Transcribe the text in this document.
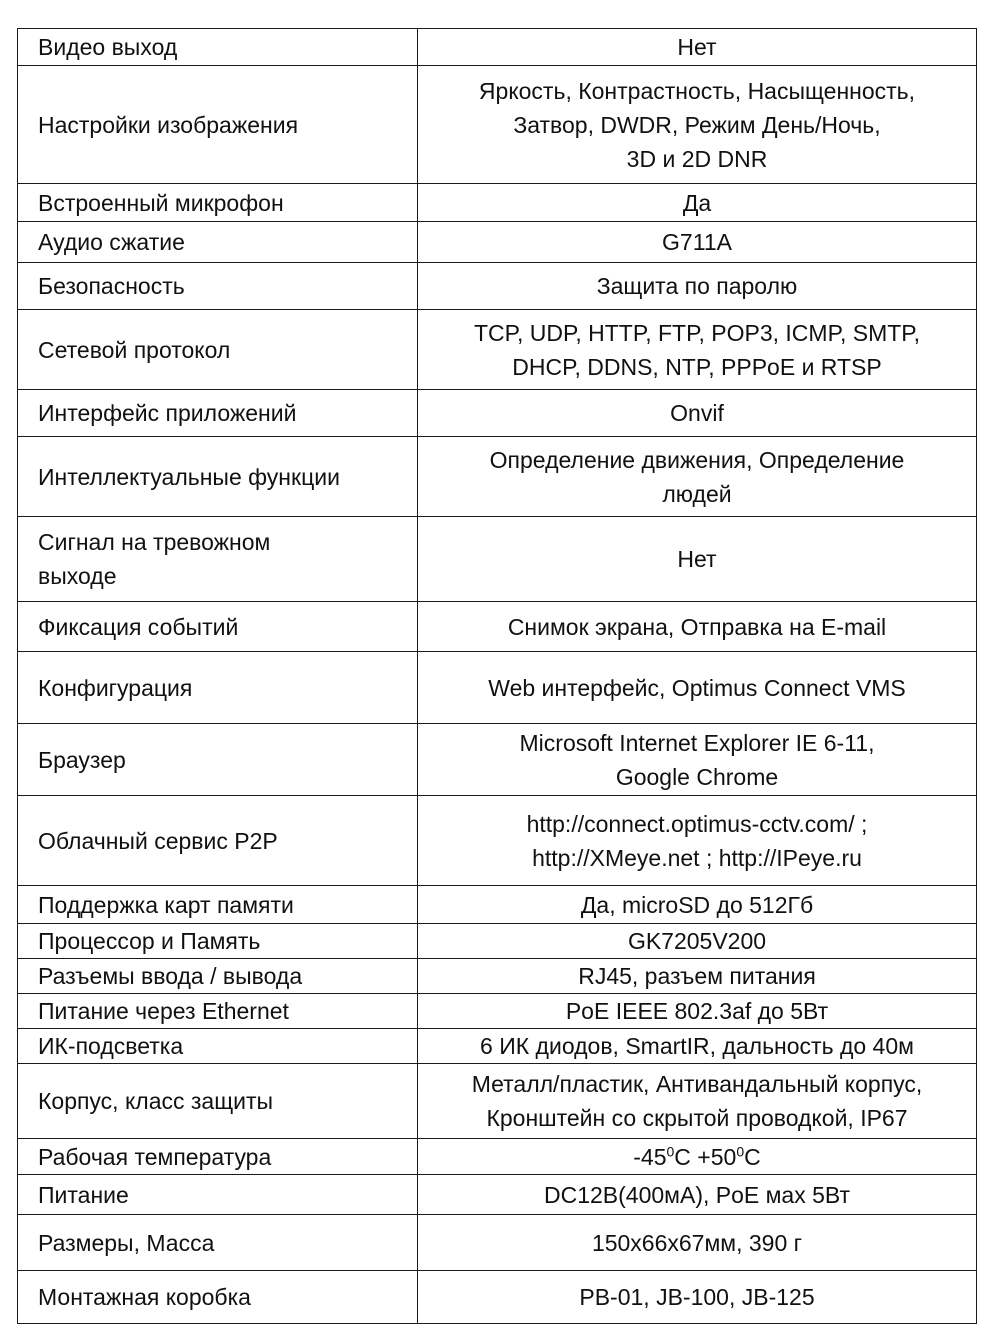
Видео выход	Нет
Настройки изображения	Яркость, Контрастность, Насыщенность,
Затвор, DWDR, Режим День/Ночь,
3D и 2D DNR

Встроенный микрофон	Да
Аудио сжатие	G711A
Безопасность	Защита по паролю
Сетевой протокол	TCP, UDP, HTTP, FTP, POP3, ICMP, SMTP,
DHCP, DDNS, NTP, PPPoE и RTSP

Интерфейс приложений	Onvif
Интеллектуальные функции	Определение движения, Определение
людей

Сигнал на тревожном
выходе	Нет
Фиксация событий	Снимок экрана, Отправка на E-mail
Конфигурация	Web интерфейс, Optimus Connect VMS
Браузер	Microsoft Internet Explorer IE 6-11,
Google Chrome

Облачный сервис P2P	http://connect.optimus-cctv.com/ ;
http://XMeye.net ; http://IPeye.ru

Поддержка карт памяти	Да, microSD до 512Гб
Процессор и Память	GK7205V200
Разъемы ввода / вывода	RJ45, разъем питания
Питание через Ethernet	PoE IEEE 802.3af до 5Вт
ИК-подсветка	6 ИК диодов, SmartIR, дальность до 40м
Корпус, класс защиты	Металл/пластик, Антивандальный корпус,
Кронштейн со скрытой проводкой, IP67

Рабочая температура	$-45^0С +50^0С$
Питание	DC12В(400мА), PoE мах 5Вт
Размеры, Масса	150x66x67мм, 390 г
Монтажная коробка	PB-01, JB-100, JB-125
